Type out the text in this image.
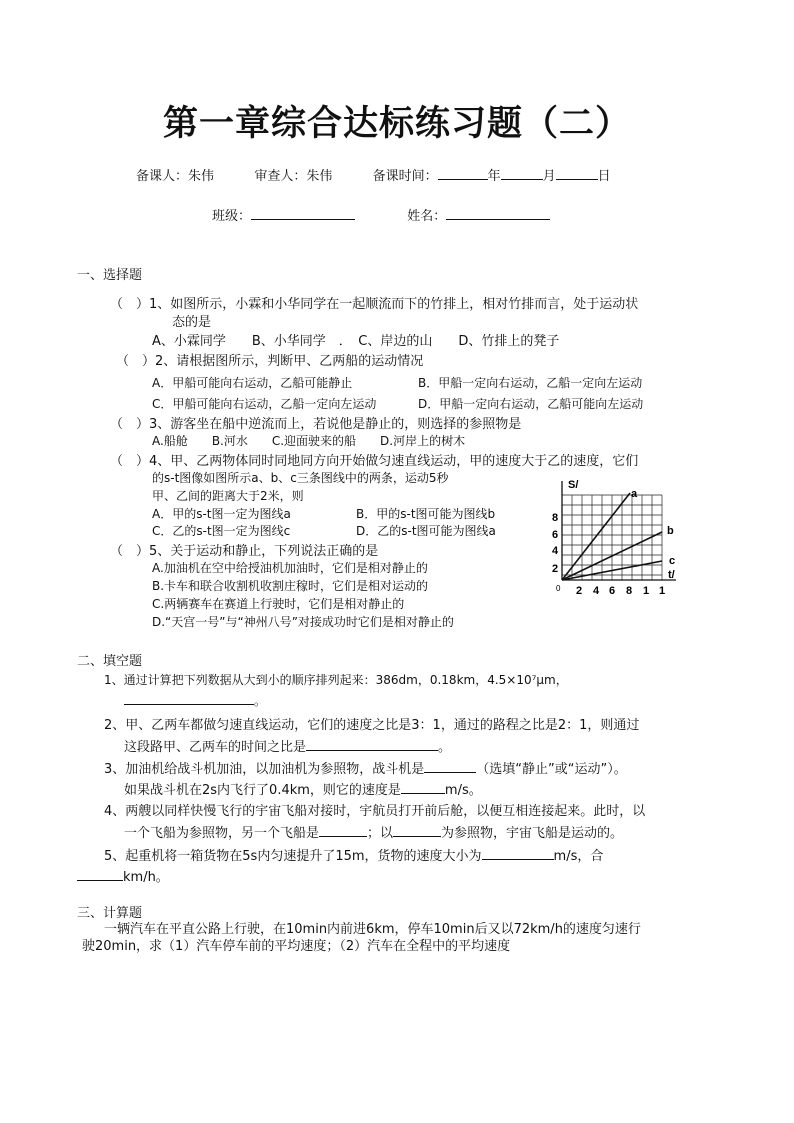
第一章综合达标练习题（二）
备课人：朱伟	审查人：朱伟	备课时间：	年	月	日
班级：	姓名：
一、选择题
（　）1、如图所示，小霖和小华同学在一起顺流而下的竹排上，相对竹排而言，处于运动状
态的是
A、小霖同学　　B、小华同学　．　C、岸边的山　　D、竹排上的凳子
（　）2、请根据图所示，判断甲、乙两船的运动情况
A．甲船可能向右运动，乙船可能静止	B．甲船一定向右运动，乙船一定向左运动
C．甲船可能向右运动，乙船一定向左运动	D．甲船一定向右运动，乙船可能向左运动
（　）3、游客坐在船中逆流而上，若说他是静止的，则选择的参照物是
A.船舱　　B.河水　　C.迎面驶来的船　　D.河岸上的树木
（　）4、甲、乙两物体同时同地同方向开始做匀速直线运动，甲的速度大于乙的速度，它们
的s-t图像如图所示a、b、c三条图线中的两条，运动5秒
甲、乙间的距离大于2米，则
A．甲的s-t图一定为图线a	B．甲的s-t图可能为图线b
C．乙的s-t图一定为图线c	D．乙的s-t图可能为图线a
（　）5、关于运动和静止，下列说法正确的是
A.加油机在空中给授油机加油时，它们是相对静止的
B.卡车和联合收割机收割庄稼时，它们是相对运动的
C.两辆赛车在赛道上行驶时，它们是相对静止的
D.“天宫一号”与“神州八号”对接成功时它们是相对静止的
S/
t/
0
8
6
4
2
2 4 6 8 1 1
a
b
c
二、填空题
1、通过计算把下列数据从大到小的顺序排列起来：386dm，0.18km，4.5×10⁷μm，
。
2、甲、乙两车都做匀速直线运动，它们的速度之比是3：1，通过的路程之比是2：1，则通过
这段路甲、乙两车的时间之比是	。
3、加油机给战斗机加油，以加油机为参照物，战斗机是	（选填“静止”或“运动”）。
如果战斗机在2s内飞行了0.4km，则它的速度是	m/s。
4、两艘以同样快慢飞行的宇宙飞船对接时，宇航员打开前后舱，以便互相连接起来。此时，以
一个飞船为参照物，另一个飞船是	；以	为参照物，宇宙飞船是运动的。
5、起重机将一箱货物在5s内匀速提升了15m，货物的速度大小为	m/s，合
km/h。
三、计算题
一辆汽车在平直公路上行驶，在10min内前进6km，停车10min后又以72km/h的速度匀速行
驶20min，求（1）汽车停车前的平均速度；（2）汽车在全程中的平均速度
